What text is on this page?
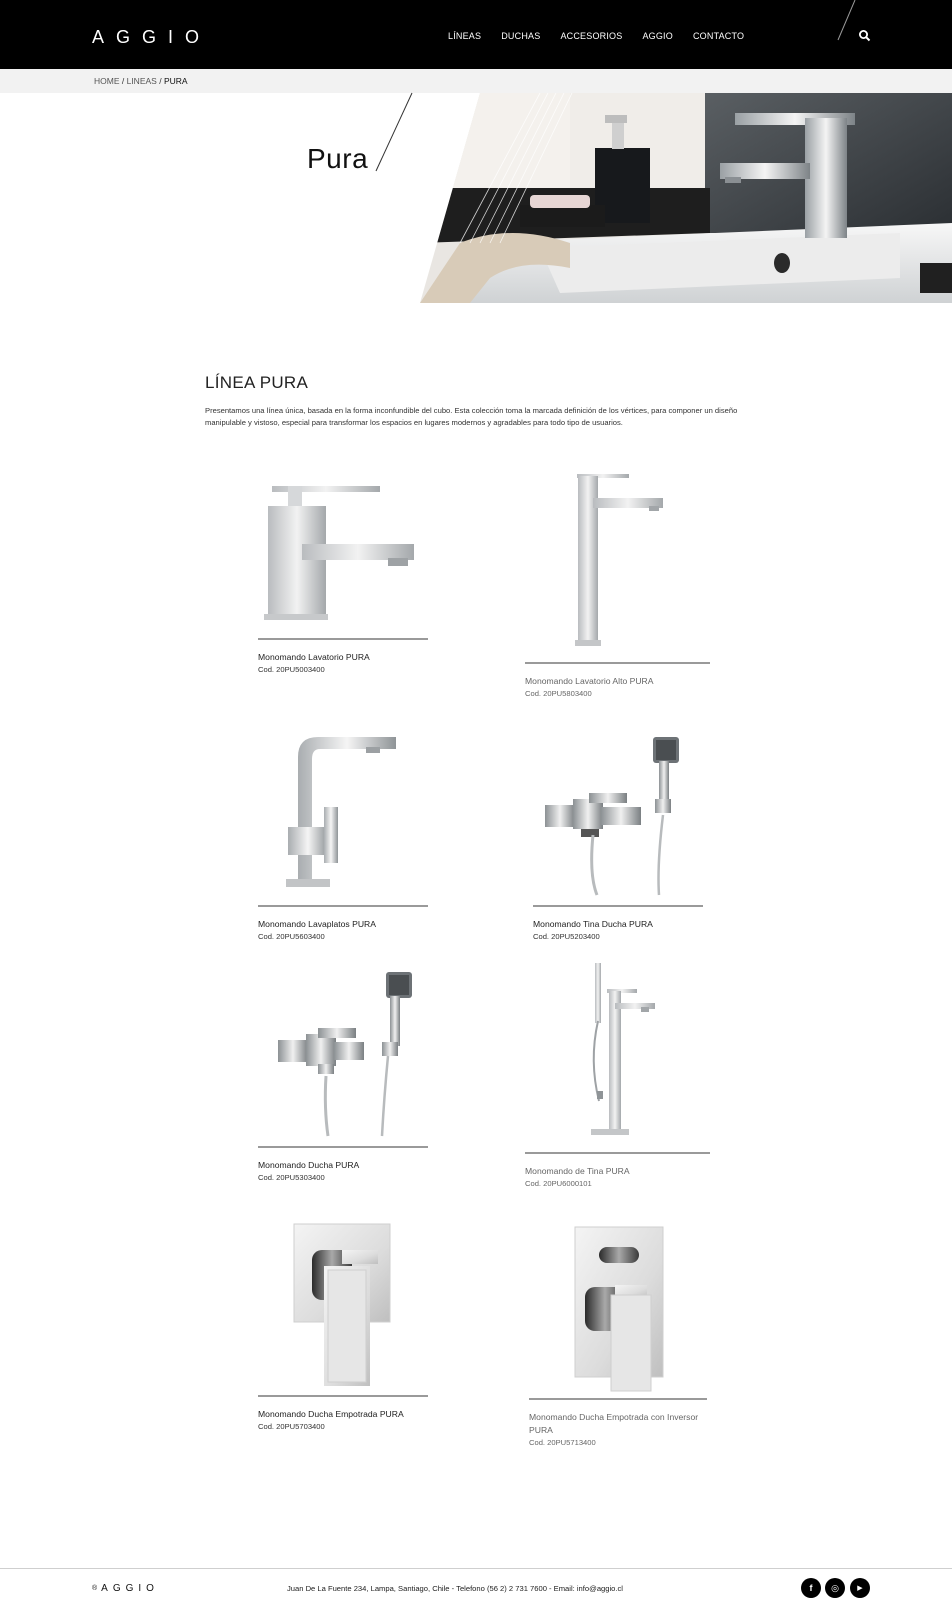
AGGIO	LÍNEAS DUCHAS ACCESORIOS AGGIO CONTACTO
HOME / LINEAS / PURA
Pura
LÍNEA PURA

Presentamos una línea única, basada en la forma inconfundible del cubo. Esta colección toma la marcada definición de los vértices, para componer un diseño manipulable y vistoso, especial para transformar los espacios en lugares modernos y agradables para todo tipo de usuarios.

Monomando Lavatorio PURA
Cod. 20PU5003400
Monomando Lavatorio Alto PURA
Cod. 20PU5803400
Monomando Lavaplatos PURA
Cod. 20PU5603400
Monomando Tina Ducha PURA
Cod. 20PU5203400
Monomando Ducha PURA
Cod. 20PU5303400
Monomando de Tina PURA
Cod. 20PU6000101
Monomando Ducha Empotrada PURA
Cod. 20PU5703400
Monomando Ducha Empotrada con Inversor PURA
Cod. 20PU5713400
® AGGIO	Juan De La Fuente 234, Lampa, Santiago, Chile - Telefono (56 2) 2 731 7600 - Email: info@aggio.cl	f	◎	▶
